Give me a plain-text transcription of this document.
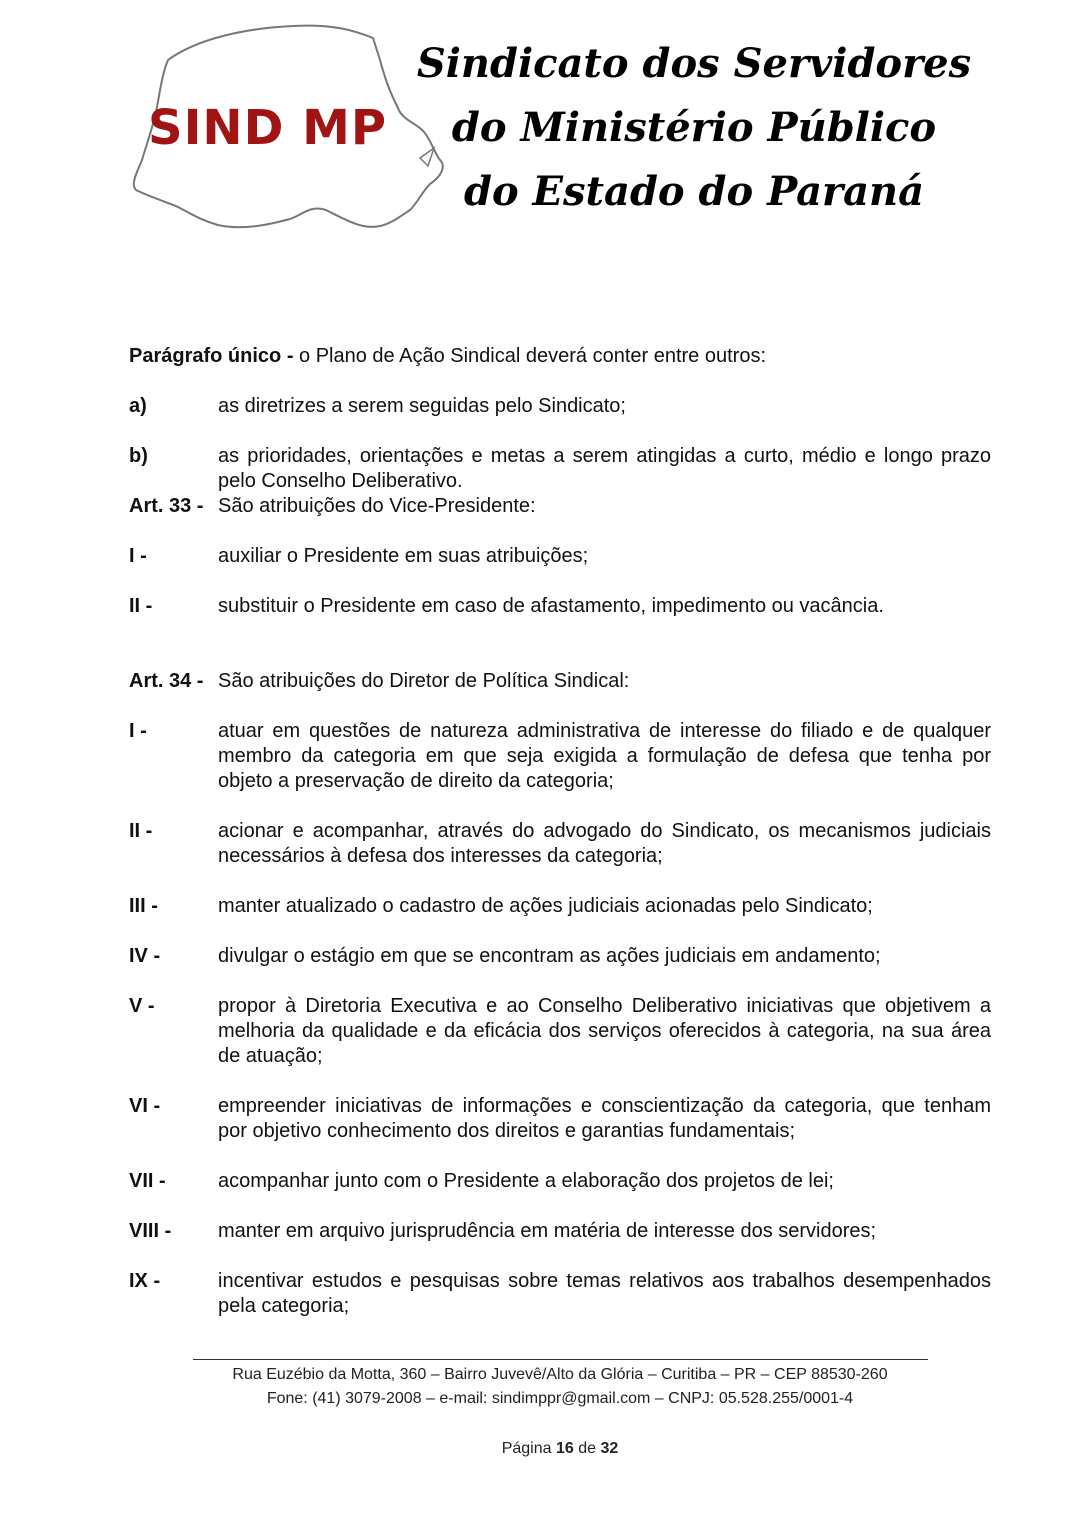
SIND MP
Sindicato dos Servidores
do Ministério Público
do Estado do Paraná

Parágrafo único - o Plano de Ação Sindical deverá conter entre outros:

a)	as diretrizes a serem seguidas pelo Sindicato;
b)	as prioridades, orientações e metas a serem atingidas a curto, médio e longo prazo pelo Conselho Deliberativo.
Art. 33 - São atribuições do Vice-Presidente:
I -	auxiliar o Presidente em suas atribuições;
II -	substituir o Presidente em caso de afastamento, impedimento ou vacância.
Art. 34 - São atribuições do Diretor de Política Sindical:
I -	atuar em questões de natureza administrativa de interesse do filiado e de qualquer membro da categoria em que seja exigida a formulação de defesa que tenha por objeto a preservação de direito da categoria;
II -	acionar e acompanhar, através do advogado do Sindicato, os mecanismos judiciais necessários à defesa dos interesses da categoria;
III -	manter atualizado o cadastro de ações judiciais acionadas pelo Sindicato;
IV -	divulgar o estágio em que se encontram as ações judiciais em andamento;
V -	propor à Diretoria Executiva e ao Conselho Deliberativo iniciativas que objetivem a melhoria da qualidade e da eficácia dos serviços oferecidos à categoria, na sua área de atuação;
VI -	empreender iniciativas de informações e conscientização da categoria, que tenham por objetivo conhecimento dos direitos e garantias fundamentais;
VII -	acompanhar junto com o Presidente a elaboração dos projetos de lei;
VIII -	manter em arquivo jurisprudência em matéria de interesse dos servidores;
IX -	incentivar estudos e pesquisas sobre temas relativos aos trabalhos desempenhados pela categoria;
Rua Euzébio da Motta, 360 – Bairro Juvevê/Alto da Glória – Curitiba – PR – CEP 88530-260
Fone: (41) 3079-2008 – e-mail: sindimppr@gmail.com – CNPJ: 05.528.255/0001-4
Página 16 de 32
